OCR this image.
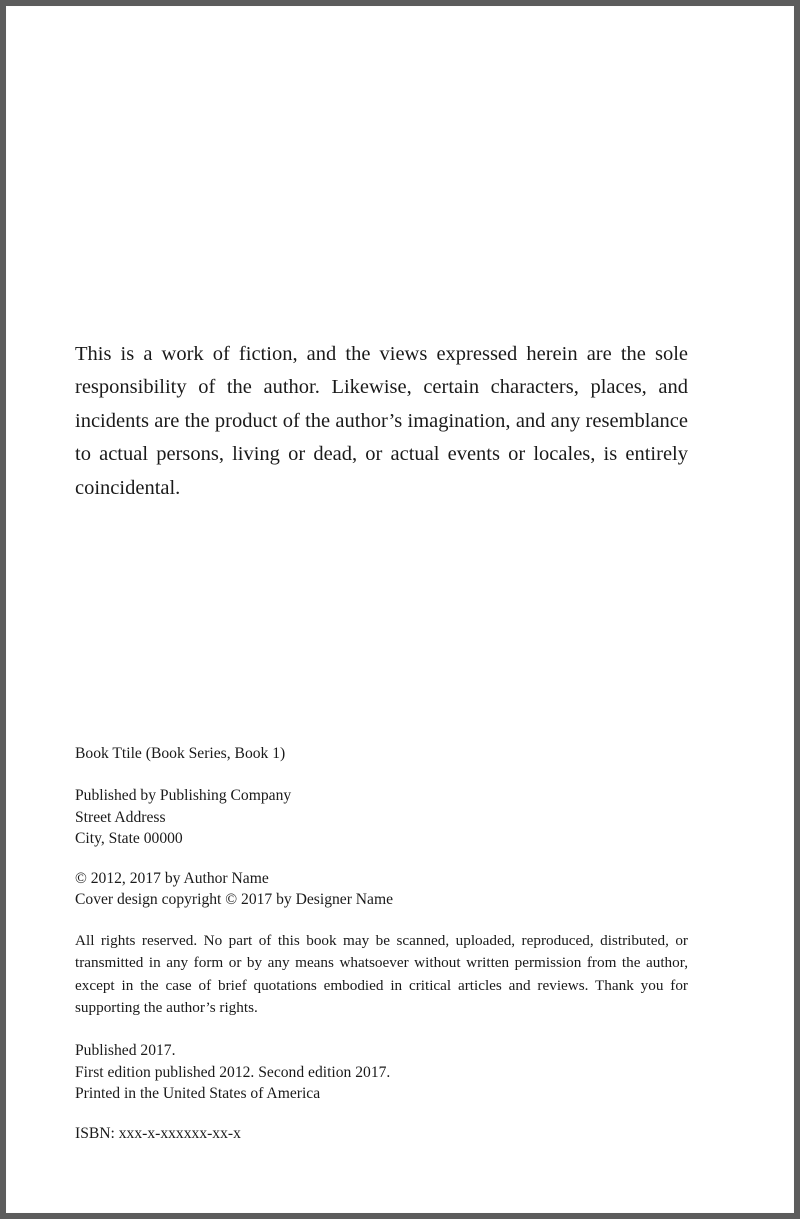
This is a work of fiction, and the views expressed herein are the sole responsibility of the author. Likewise, certain characters, places, and incidents are the product of the author’s imagination, and any resemblance to actual persons, living or dead, or actual events or locales, is entirely coincidental.

Book Ttile (Book Series, Book 1)

Published by Publishing Company

Street Address

City, State 00000

© 2012, 2017 by Author Name

Cover design copyright © 2017 by Designer Name

All rights reserved. No part of this book may be scanned, uploaded, reproduced, distributed, or transmitted in any form or by any means whatsoever without written permission from the author, except in the case of brief quotations embodied in critical articles and reviews. Thank you for supporting the author’s rights.

Published 2017.

First edition published 2012. Second edition 2017.

Printed in the United States of America

ISBN: xxx-x-xxxxxx-xx-x
